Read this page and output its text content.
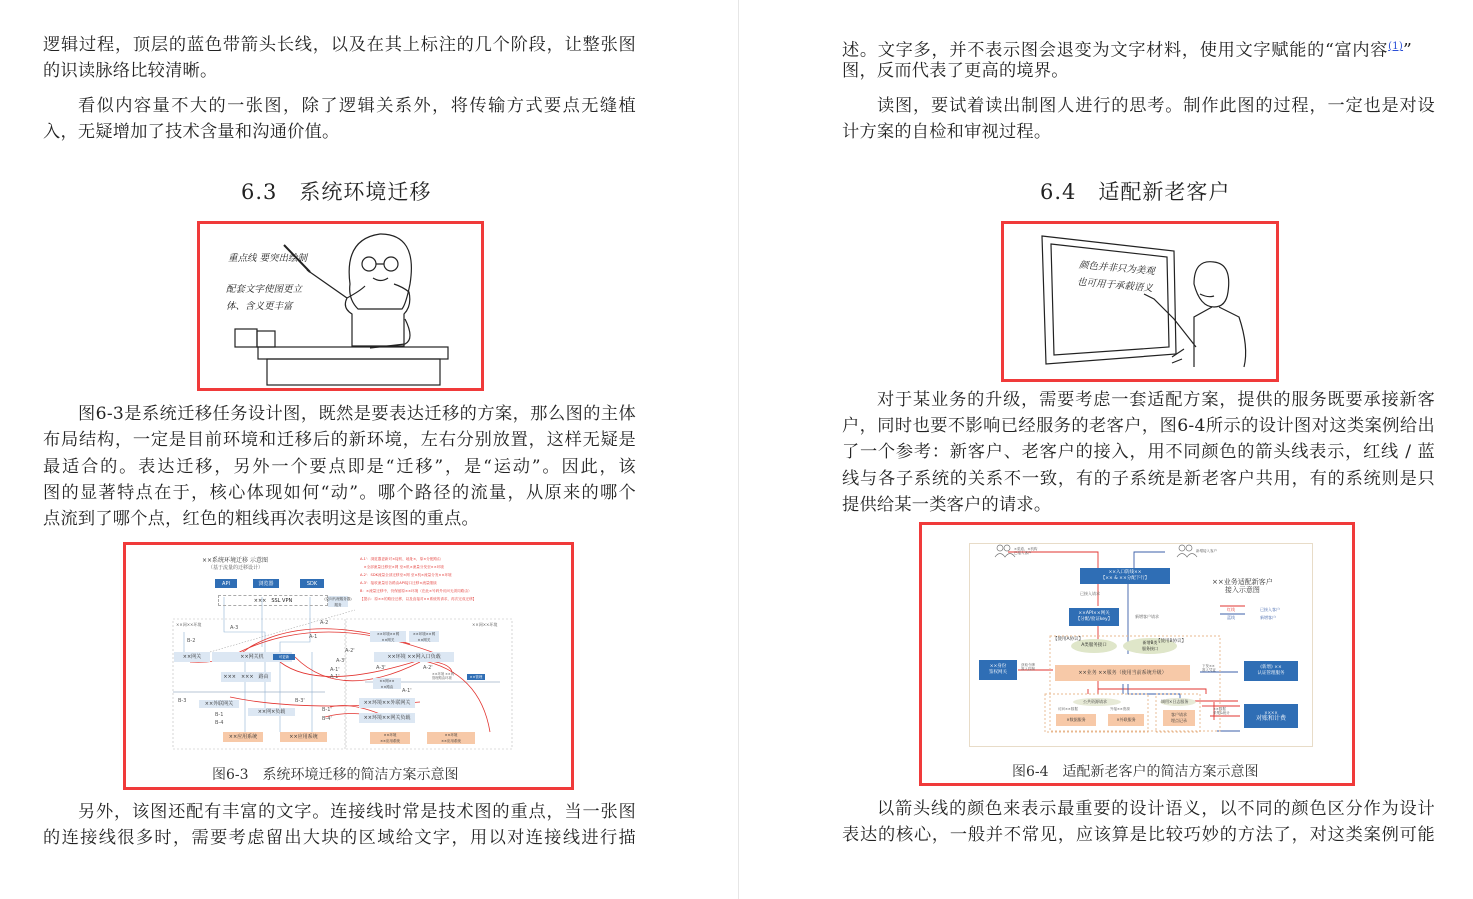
逻辑过程，顶层的蓝色带箭头长线，以及在其上标注的几个阶段，让整张图
的识读脉络比较清晰。
看似内容量不大的一张图，除了逻辑关系外，将传输方式要点无缝植
入，无疑增加了技术含量和沟通价值。
6.3　系统环境迁移
重点线 要突出绘制
配套文字使图更立
体、含义更丰富
图6-3是系统迁移任务设计图，既然是要表达迁移的方案，那么图的主体
布局结构，一定是目前环境和迁移后的新环境，左右分别放置，这样无疑是
最适合的。表达迁移，另外一个要点即是“迁移”，是“运动”。因此，该
图的显著特点在于，核心体现如何“动”。哪个路径的流量，从原来的哪个
点流到了哪个点，红色的粗线再次表明这是该图的重点。
××系统环境迁移 示意图
（基于流量的迁移设计）
API	浏览器	SDK
×××　SSL VPN	(反向代理服务器)
服务
A-1'：浏览器更新对×接机、地址×，原×分配路由
　×全部流量迁移至×网 至×机×流量分发至××环境
A-2'：SDK流量全部迁移至×网 至×机×流量分发××环境
A-3'：接收流量后各路由API接口迁移×流量继续
B：×流量迁移中，仍保留原××环境（在此×号码外访问无须同路由）
【提示：原××的路径迁移，以及直接对××系统的请求，再次完成迁移】
××网××环境	××网××环境
××网关	××网关机	可更新
×××　×××　路由
××外联网关
××网×负载
××环境××网
××网关
××环境××网
××网关
××环境 ××网入口负载
××网××
××路由
××环境 ××网
管理路由环境	××管理
××环境××外联网关
××环境××网关负载
××应用系统	××应用系统	××环境
××应用系统
××环境
××应用系统
A-3
A-2
A-1
B-2
A-2'
A-3'
A-1'
A-1'
A-3'	A-2'
A-1'
B-3
B-1
B-4
B-3'
B-1'
B-4'
图6-3　系统环境迁移的简洁方案示意图
另外，该图还配有丰富的文字。连接线时常是技术图的重点，当一张图
的连接线很多时，需要考虑留出大块的区域给文字，用以对连接线进行描
述。文字多，并不表示图会退变为文字材料，使用文字赋能的“富内容$^{(1)}$”
图，反而代表了更高的境界。
读图，要试着读出制图人进行的思考。制作此图的过程，一定也是对设
计方案的自检和审视过程。
6.4　适配新老客户
颜色并非只为美观
也可用于承载语义
对于某业务的升级，需要考虑一套适配方案，提供的服务既要承接新客
户，同时也要不影响已经服务的老客户，图6-4所示的设计图对这类案例给出
了一个参考：新客户、老客户的接入，用不同颜色的箭头线表示，红线 / 蓝
线与各子系统的关系不一致，有的子系统是新老客户共用，有的系统则是只
提供给某一类客户的请求。
×渠道、×机构
已接入客户	新增接入客户
××入口防线××
【×× & ××分配下行】
已接入请求
新增客户请求
××API××网关
【分配/验证key】
【使用A协议】	【使用B协议】
××业务适配新客户
接入示意图
红线	已接入客户
蓝线	新增客户
A类服务接口
新增B类
服务接口
××身份
鉴权网关
获取令牌
准入控制
××业务 ××服务（使用当前系统升级）
下发××
准入凭证	(新增) ××
认证管理服务
公共资源请求
访问××数据	外接××资源
×数据服务	×外联服务
调用×日志服务
客户请求
埋点记录
××数据
采集&统计	××××
对账和计费
图6-4　适配新老客户的简洁方案示意图
以箭头线的颜色来表示最重要的设计语义，以不同的颜色区分作为设计
表达的核心，一般并不常见，应该算是比较巧妙的方法了，对这类案例可能
